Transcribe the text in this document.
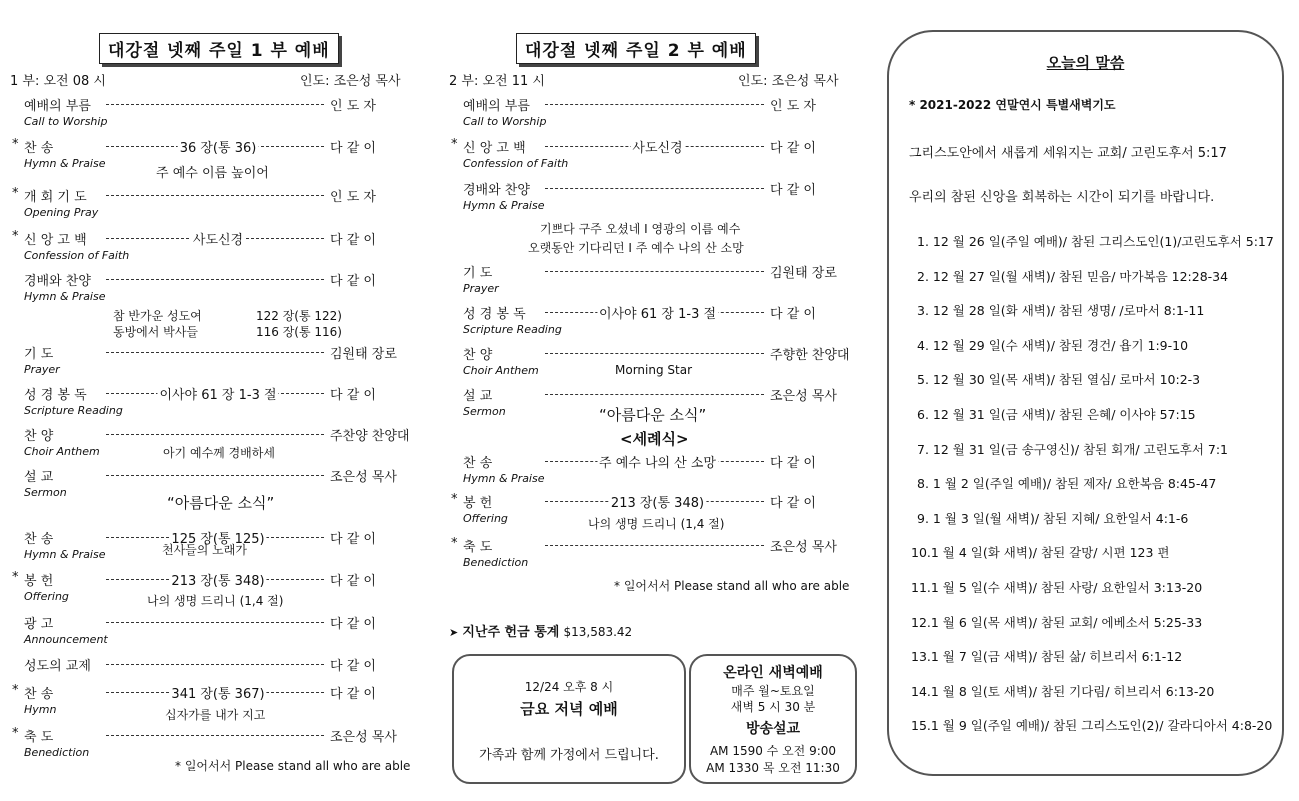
대강절 넷째 주일 1 부 예배
1 부: 오전 08 시	인도: 조은성 목사
예배의 부름	인 도 자
Call to Worship
* 찬 송	36 장(통 36)	다 같 이
Hymn & Praise
* 개 회 기 도	인 도 자
Opening Pray
* 신 앙 고 백	사도신경	다 같 이
Confession of Faith
경배와 찬양	다 같 이
Hymn & Praise
기 도	김원태 장로
Prayer
성 경 봉 독	이사야 61 장 1-3 절	다 같 이
Scripture Reading
찬 양	주찬양 찬양대
Choir Anthem
설 교	조은성 목사
Sermon
찬 송	125 장(통 125)	다 같 이
Hymn & Praise
* 봉 헌	213 장(통 348)	다 같 이
Offering
광 고	다 같 이
Announcement
성도의 교제	다 같 이
* 찬 송	341 장(통 367)	다 같 이
Hymn
* 축 도	조은성 목사
Benediction
주 예수 이름 높이어
참 반가운 성도여	122 장(통 122)
동방에서 박사들	116 장(통 116)
아기 예수께 경배하세
“아름다운 소식”
천사들의 노래가
나의 생명 드리니 (1,4 절)
십자가를 내가 지고
* 일어서서 Please stand all who are able
대강절 넷째 주일 2 부 예배
2 부: 오전 11 시	인도: 조은성 목사
예배의 부름	인 도 자
Call to Worship
* 신 앙 고 백	사도신경	다 같 이
Confession of Faith
경배와 찬양	다 같 이
Hymn & Praise
기 도	김원태 장로
Prayer
성 경 봉 독	이사야 61 장 1-3 절	다 같 이
Scripture Reading
찬 양	주향한 찬양대
Choir Anthem
설 교	조은성 목사
Sermon
찬 송	주 예수 나의 산 소망	다 같 이
Hymn & Praise
* 봉 헌	213 장(통 348)	다 같 이
Offering
* 축 도	조은성 목사
Benediction
기쁘다 구주 오셨네 I 영광의 이름 예수
오랫동안 기다리던 I 주 예수 나의 산 소망
Morning Star
“아름다운 소식”
<세례식>
나의 생명 드리니 (1,4 절)
* 일어서서 Please stand all who are able
➤ 지난주 헌금 통계 $13,583.42
12/24 오후 8 시
금요 저녁 예배
가족과 함께 가정에서 드립니다.
온라인 새벽예배
매주 월~토요일
새벽 5 시 30 분
방송설교
AM 1590 수 오전 9:00
AM 1330 목 오전 11:30
오늘의 말씀
* 2021-2022 연말연시 특별새벽기도
그리스도안에서 새롭게 세워지는 교회/ 고린도후서 5:17
우리의 참된 신앙을 회복하는 시간이 되기를 바랍니다.
1. 12 월 26 일(주일 예배)/ 참된 그리스도인(1)/고린도후서 5:17
2. 12 월 27 일(월 새벽)/ 참된 믿음/ 마가복음 12:28-34
3. 12 월 28 일(화 새벽)/ 참된 생명/ /로마서 8:1-11
4. 12 월 29 일(수 새벽)/ 참된 경건/ 욥기 1:9-10
5. 12 월 30 일(목 새벽)/ 참된 열심/ 로마서 10:2-3
6. 12 월 31 일(금 새벽)/ 참된 은혜/ 이사야 57:15
7. 12 월 31 일(금 송구영신)/ 참된 회개/ 고린도후서 7:1
8. 1 월 2 일(주일 예배)/ 참된 제자/ 요한복음 8:45-47
9. 1 월 3 일(월 새벽)/ 참된 지혜/ 요한일서 4:1-6
10.1 월 4 일(화 새벽)/ 참된 갈망/ 시편 123 편
11.1 월 5 일(수 새벽)/ 참된 사랑/ 요한일서 3:13-20
12.1 월 6 일(목 새벽)/ 참된 교회/ 에베소서 5:25-33
13.1 월 7 일(금 새벽)/ 참된 삶/ 히브리서 6:1-12
14.1 월 8 일(토 새벽)/ 참된 기다림/ 히브리서 6:13-20
15.1 월 9 일(주일 예배)/ 참된 그리스도인(2)/ 갈라디아서 4:8-20
